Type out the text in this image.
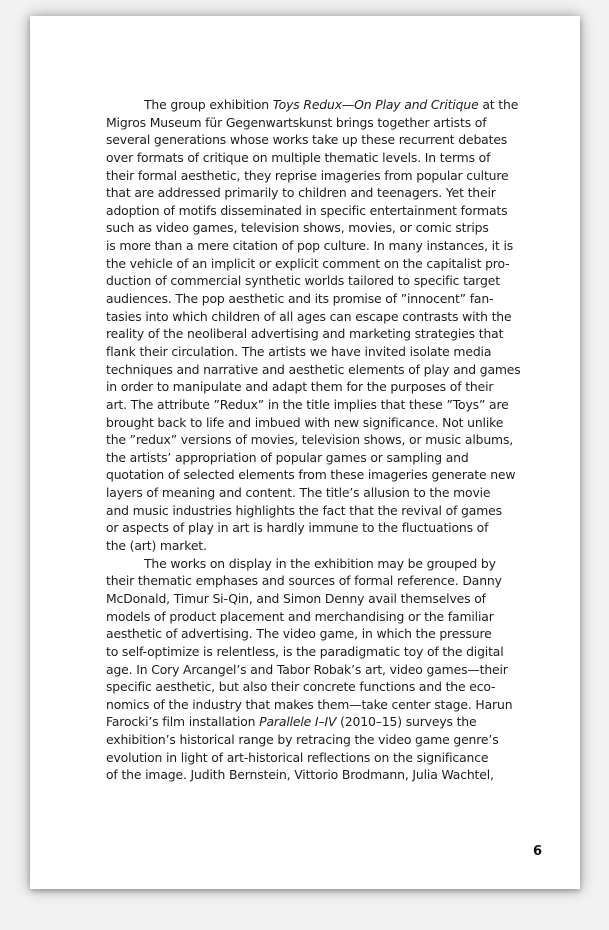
The group exhibition Toys Redux—On Play and Critique at the
Migros Museum für Gegenwartskunst brings together artists of
several generations whose works take up these recurrent debates
over formats of critique on multiple thematic levels. In terms of
their formal aesthetic, they reprise imageries from popular culture
that are addressed primarily to children and teenagers. Yet their
adoption of motifs disseminated in specific entertainment formats
such as video games, television shows, movies, or comic strips
is more than a mere citation of pop culture. In many instances, it is
the vehicle of an implicit or explicit comment on the capitalist pro-
duction of commercial synthetic worlds tailored to specific target
audiences. The pop aesthetic and its promise of ”innocent” fan-
tasies into which children of all ages can escape contrasts with the
reality of the neoliberal advertising and marketing strategies that
flank their circulation. The artists we have invited isolate media
techniques and narrative and aesthetic elements of play and games
in order to manipulate and adapt them for the purposes of their
art. The attribute ”Redux” in the title implies that these ”Toys” are
brought back to life and imbued with new significance. Not unlike
the ”redux” versions of movies, television shows, or music albums,
the artists’ appropriation of popular games or sampling and
quotation of selected elements from these imageries generate new
layers of meaning and content. The title’s allusion to the movie
and music industries highlights the fact that the revival of games
or aspects of play in art is hardly immune to the fluctuations of
the (art) market.
The works on display in the exhibition may be grouped by
their thematic emphases and sources of formal reference. Danny
McDonald, Timur Si-Qin, and Simon Denny avail themselves of
models of product placement and merchandising or the familiar
aesthetic of advertising. The video game, in which the pressure
to self-optimize is relentless, is the paradigmatic toy of the digital
age. In Cory Arcangel’s and Tabor Robak’s art, video games—their
specific aesthetic, but also their concrete functions and the eco-
nomics of the industry that makes them—take center stage. Harun
Farocki’s film installation Parallele I–IV (2010–15) surveys the
exhibition’s historical range by retracing the video game genre’s
evolution in light of art-historical reflections on the significance
of the image. Judith Bernstein, Vittorio Brodmann, Julia Wachtel,
6
